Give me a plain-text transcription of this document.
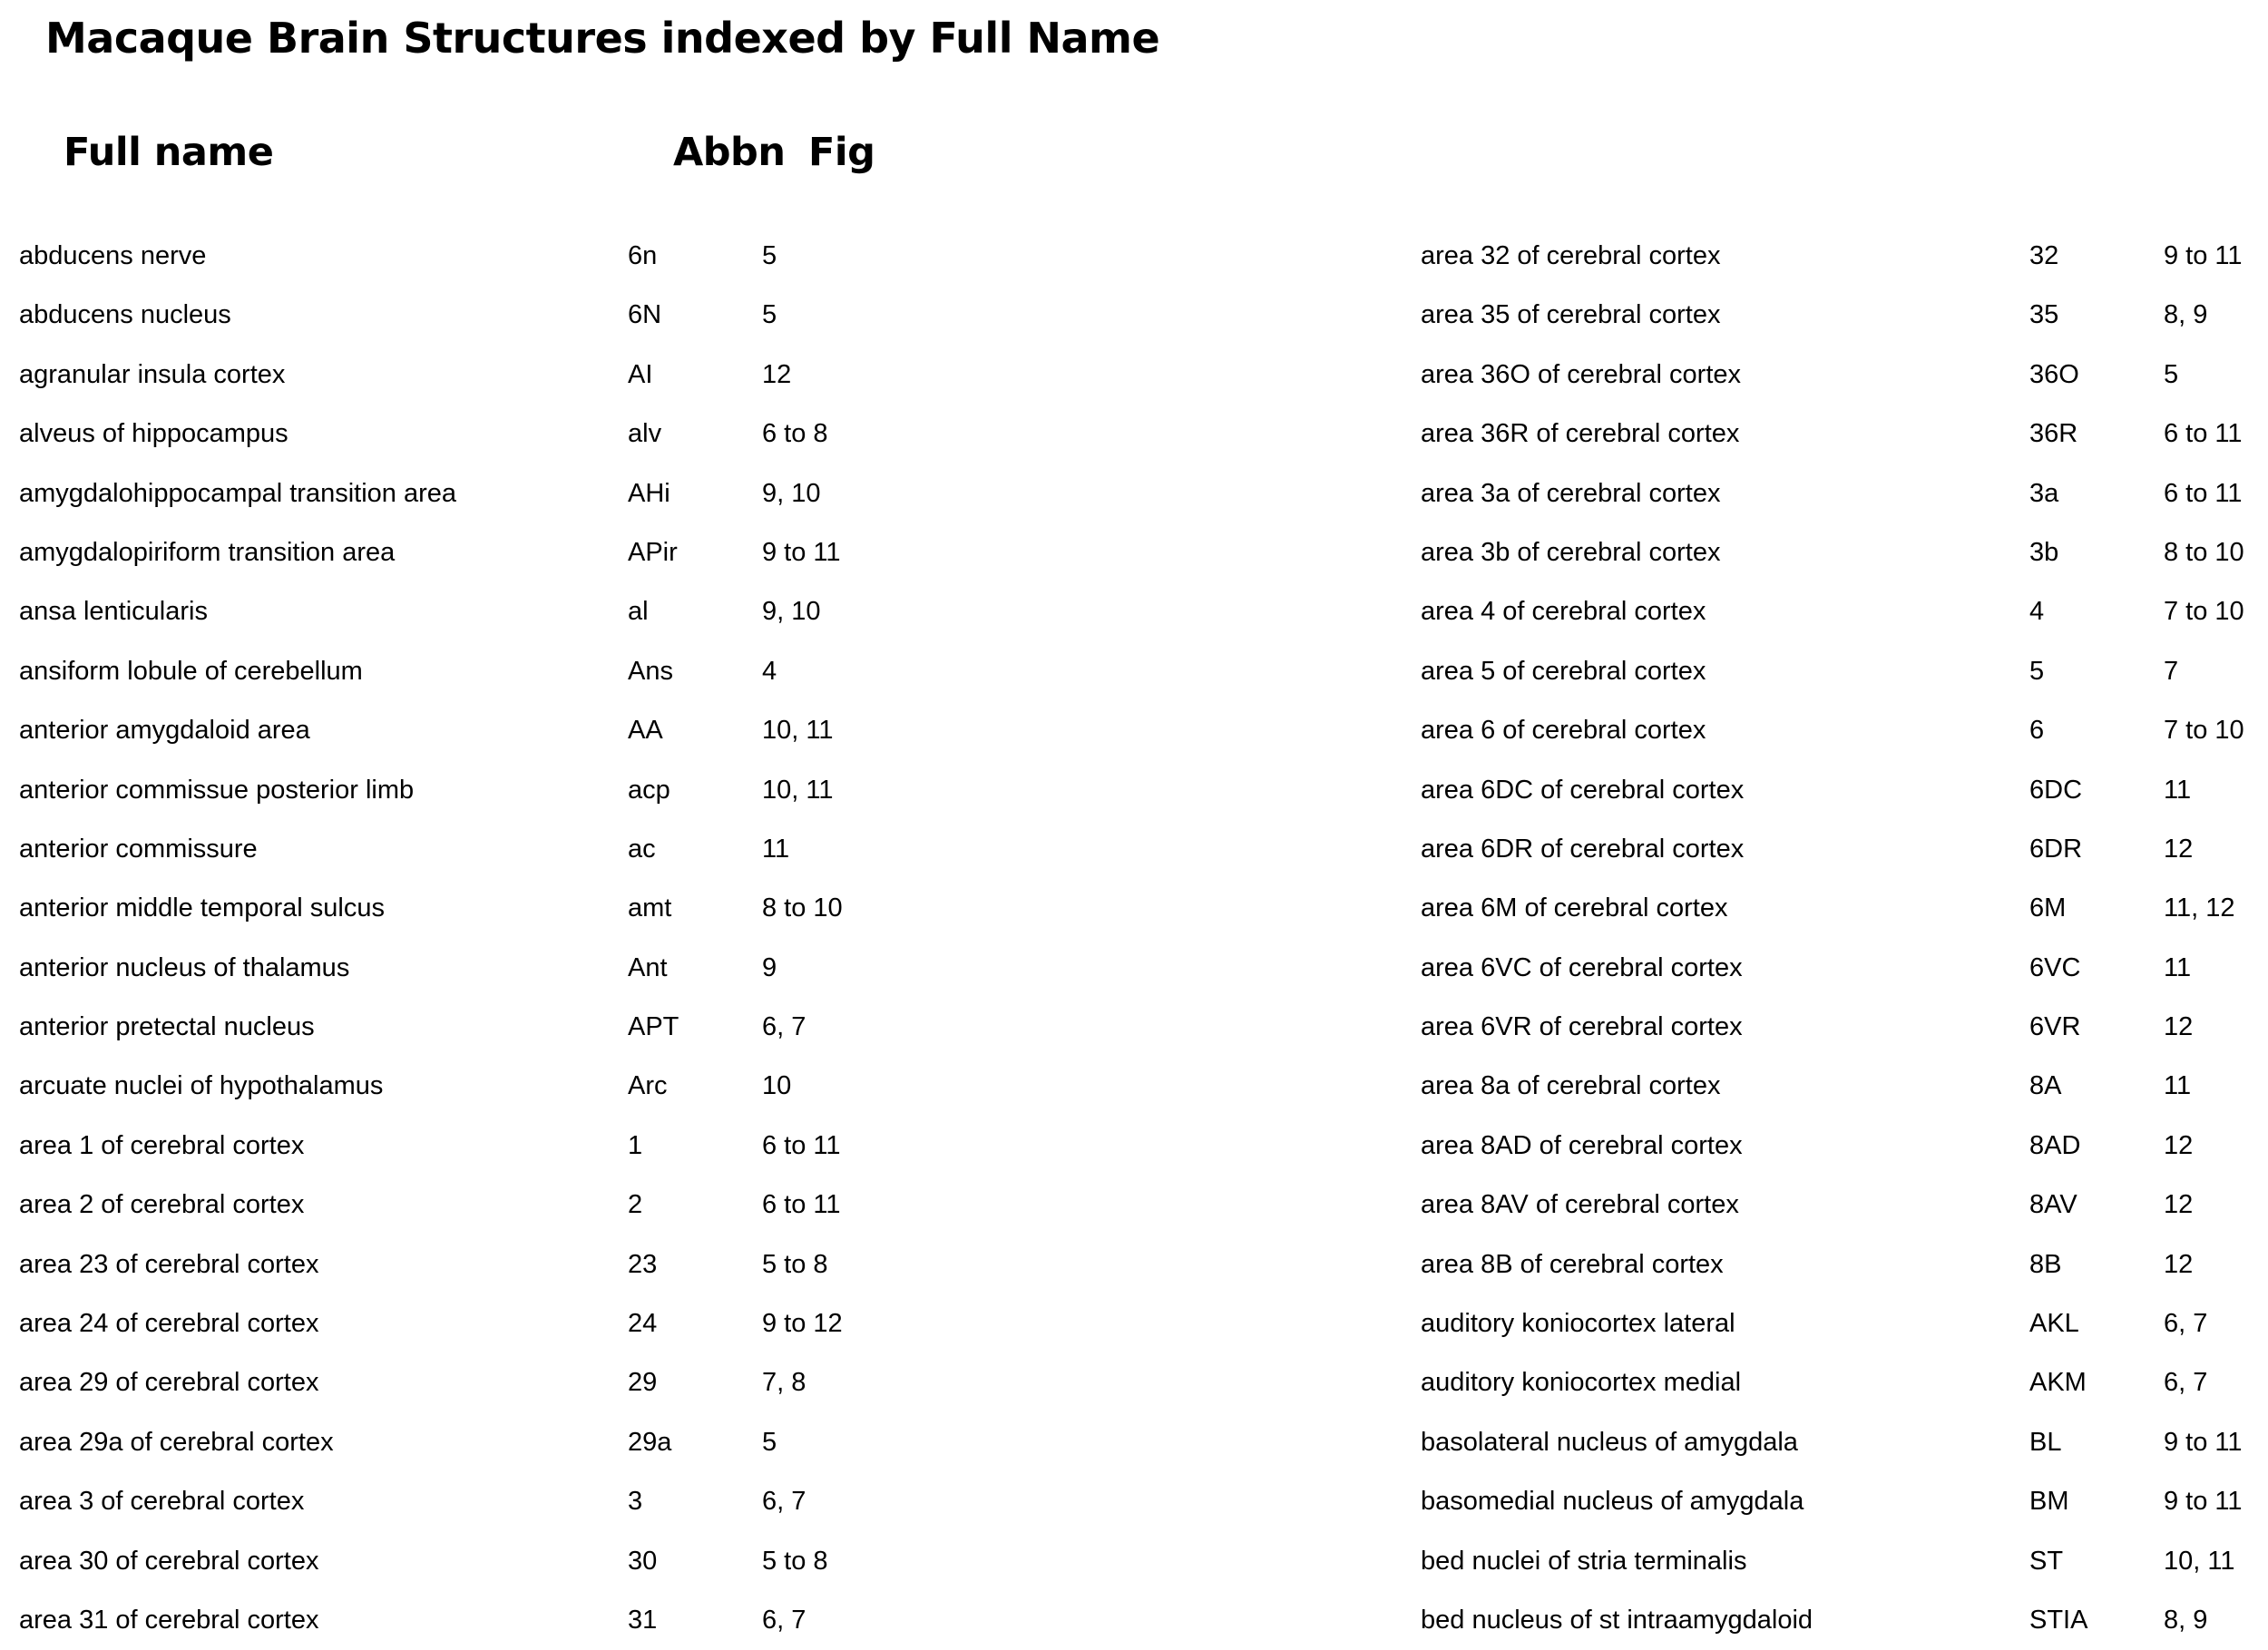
Macaque Brain Structures indexed by Full Name
Full name	Abbn Fig
abducens nerve	6n	5
abducens nucleus	6N	5
agranular insula cortex	AI	12
alveus of hippocampus	alv	6 to 8
amygdalohippocampal transition area	AHi	9, 10
amygdalopiriform transition area	APir	9 to 11
ansa lenticularis	al	9, 10
ansiform lobule of cerebellum	Ans	4
anterior amygdaloid area	AA	10, 11
anterior commissue posterior limb	acp	10, 11
anterior commissure	ac	11
anterior middle temporal sulcus	amt	8 to 10
anterior nucleus of thalamus	Ant	9
anterior pretectal nucleus	APT	6, 7
arcuate nuclei of hypothalamus	Arc	10
area 1 of cerebral cortex	1	6 to 11
area 2 of cerebral cortex	2	6 to 11
area 23 of cerebral cortex	23	5 to 8
area 24 of cerebral cortex	24	9 to 12
area 29 of cerebral cortex	29	7, 8
area 29a of cerebral cortex	29a	5
area 3 of cerebral cortex	3	6, 7
area 30 of cerebral cortex	30	5 to 8
area 31 of cerebral cortex	31	6, 7
area 32 of cerebral cortex	32	9 to 11
area 35 of cerebral cortex	35	8, 9
area 36O of cerebral cortex	36O	5
area 36R of cerebral cortex	36R	6 to 11
area 3a of cerebral cortex	3a	6 to 11
area 3b of cerebral cortex	3b	8 to 10
area 4 of cerebral cortex	4	7 to 10
area 5 of cerebral cortex	5	7
area 6 of cerebral cortex	6	7 to 10
area 6DC of cerebral cortex	6DC	11
area 6DR of cerebral cortex	6DR	12
area 6M of cerebral cortex	6M	11, 12
area 6VC of cerebral cortex	6VC	11
area 6VR of cerebral cortex	6VR	12
area 8a of cerebral cortex	8A	11
area 8AD of cerebral cortex	8AD	12
area 8AV of cerebral cortex	8AV	12
area 8B of cerebral cortex	8B	12
auditory koniocortex lateral	AKL	6, 7
auditory koniocortex medial	AKM	6, 7
basolateral nucleus of amygdala	BL	9 to 11
basomedial nucleus of amygdala	BM	9 to 11
bed nuclei of stria terminalis	ST	10, 11
bed nucleus of st intraamygdaloid	STIA	8, 9
